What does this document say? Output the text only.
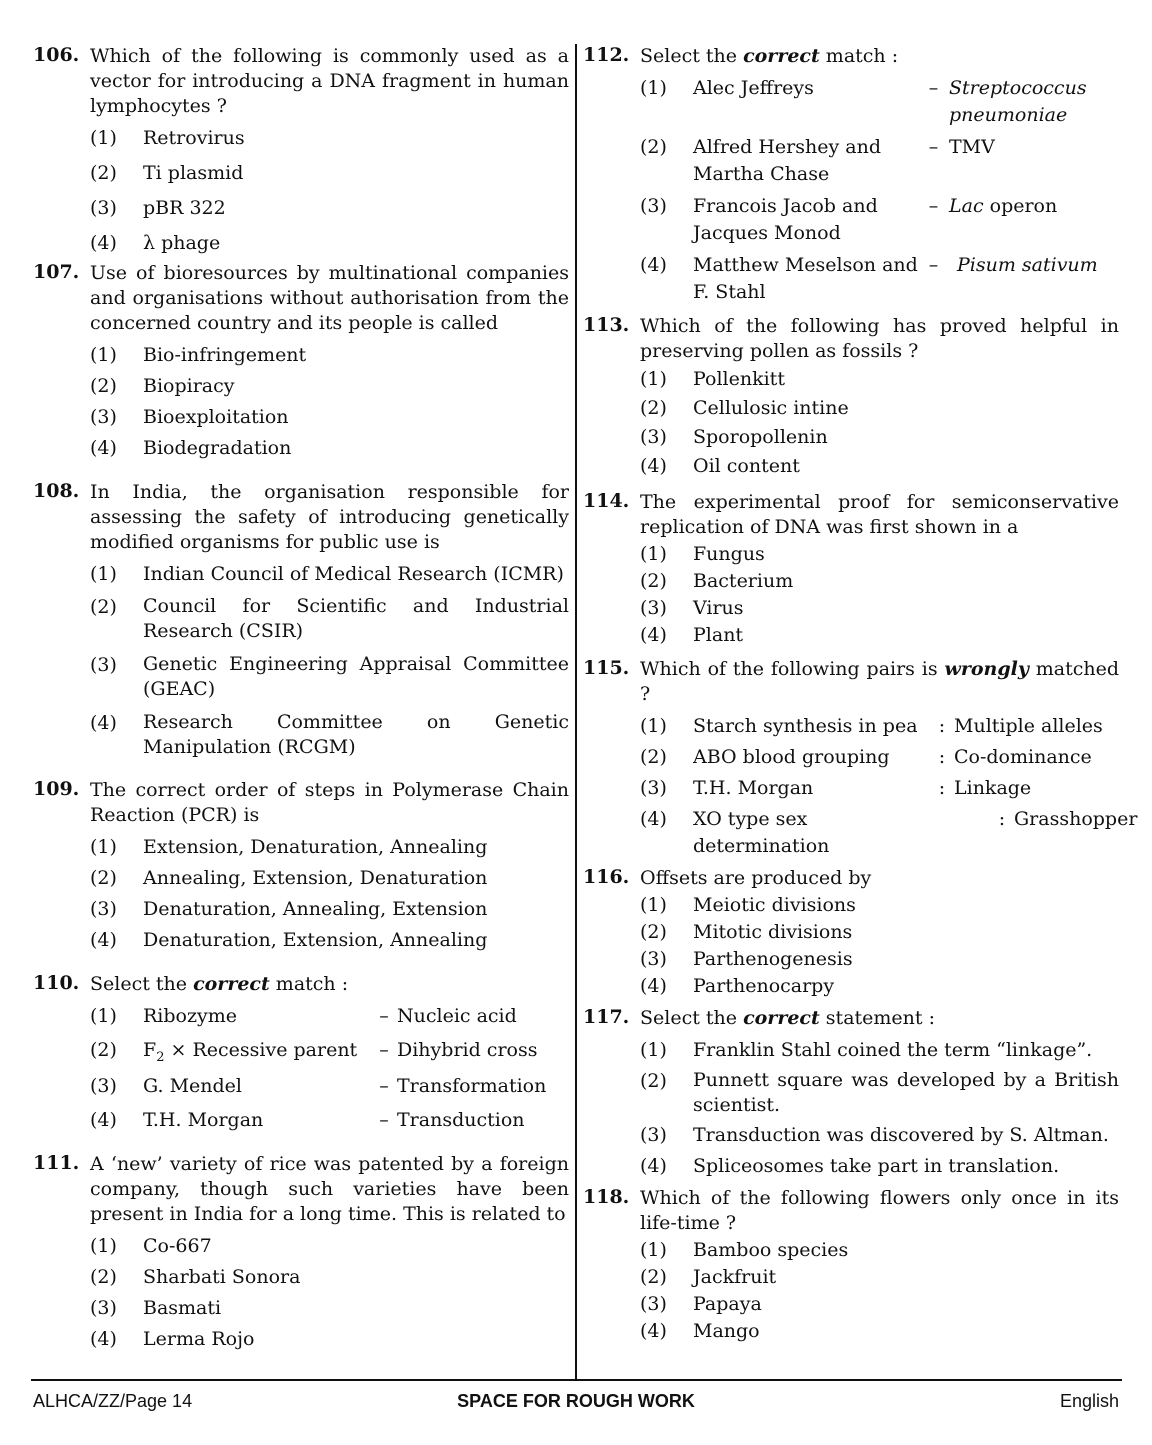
106. Which of the following is commonly used as a vector for introducing a DNA fragment in human lymphocytes ?
(1) Retrovirus
(2) Ti plasmid
(3) pBR 322
(4) λ phage
107. Use of bioresources by multinational companies and organisations without authorisation from the concerned country and its people is called
(1) Bio-infringement
(2) Biopiracy
(3) Bioexploitation
(4) Biodegradation
108. In India, the organisation responsible for assessing the safety of introducing genetically modified organisms for public use is
(1) Indian Council of Medical Research (ICMR)
(2) Council for Scientific and Industrial Research (CSIR)
(3) Genetic Engineering Appraisal Committee (GEAC)
(4) Research Committee on Genetic Manipulation (RCGM)
109. The correct order of steps in Polymerase Chain Reaction (PCR) is
(1) Extension, Denaturation, Annealing
(2) Annealing, Extension, Denaturation
(3) Denaturation, Annealing, Extension
(4) Denaturation, Extension, Annealing
110. Select the correct match :
(1) Ribozyme	– Nucleic acid
(2) $F_2$ × Recessive parent	– Dihybrid cross
(3) G. Mendel	– Transformation
(4) T.H. Morgan	– Transduction
111. A ‘new’ variety of rice was patented by a foreign company, though such varieties have been present in India for a long time. This is related to
(1) Co-667
(2) Sharbati Sonora
(3) Basmati
(4) Lerma Rojo
112. Select the correct match :
(1) Alec Jeffreys	– Streptococcus pneumoniae
(2) Alfred Hershey and Martha Chase
– TMV
(3) Francois Jacob and Jacques Monod
– Lac operon
(4) Matthew Meselson and F. Stahl
– Pisum sativum
113. Which of the following has proved helpful in preserving pollen as fossils ?
(1) Pollenkitt
(2) Cellulosic intine
(3) Sporopollenin
(4) Oil content
114. The experimental proof for semiconservative replication of DNA was first shown in a
(1) Fungus
(2) Bacterium
(3) Virus
(4) Plant
115. Which of the following pairs is wrongly matched ?
(1) Starch synthesis in pea	: Multiple alleles
(2) ABO blood grouping	: Co-dominance
(3) T.H. Morgan	: Linkage
(4) XO type sex determination
: Grasshopper
116. Offsets are produced by
(1) Meiotic divisions
(2) Mitotic divisions
(3) Parthenogenesis
(4) Parthenocarpy
117. Select the correct statement :
(1) Franklin Stahl coined the term “linkage”.
(2) Punnett square was developed by a British scientist.
(3) Transduction was discovered by S. Altman.
(4) Spliceosomes take part in translation.
118. Which of the following flowers only once in its life-time ?
(1) Bamboo species
(2) Jackfruit
(3) Papaya
(4) Mango
ALHCA/ZZ/Page 14	SPACE FOR ROUGH WORK	English
